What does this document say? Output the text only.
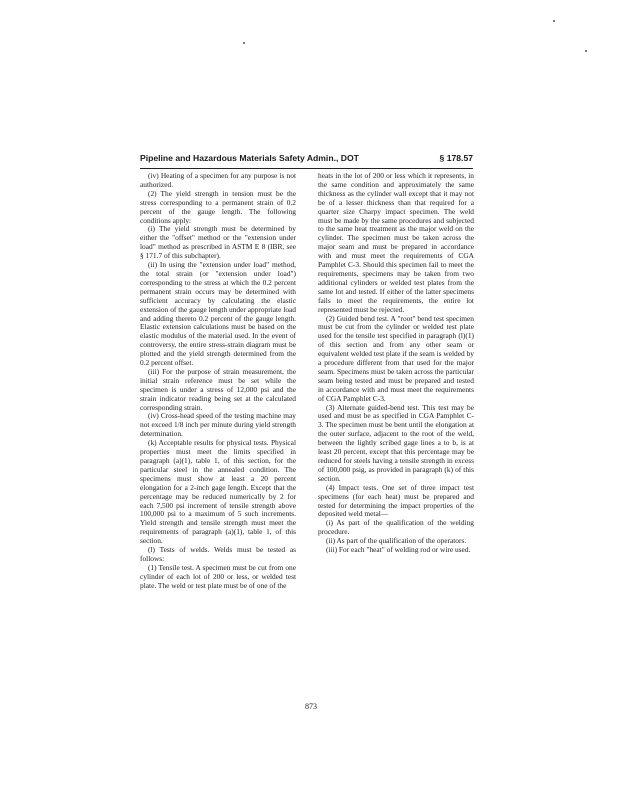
Pipeline and Hazardous Materials Safety Admin., DOT	§ 178.57

(iv) Heating of a specimen for any purpose is not authorized.

(2) The yield strength in tension must be the stress corresponding to a permanent strain of 0.2 percent of the gauge length. The following conditions apply:

(i) The yield strength must be determined by either the "offset" method or the "extension under load" method as prescribed in ASTM E 8 (IBR, see § 171.7 of this subchapter).

(ii) In using the "extension under load" method, the total strain (or "extension under load") corresponding to the stress at which the 0.2 percent permanent strain occurs may be determined with sufficient accuracy by calculating the elastic extension of the gauge length under appropriate load and adding thereto 0.2 percent of the gauge length. Elastic extension calculations must be based on the elastic modulus of the material used. In the event of controversy, the entire stress-strain diagram must be plotted and the yield strength determined from the 0.2 percent offset.

(iii) For the purpose of strain measurement, the initial strain reference must be set while the specimen is under a stress of 12,000 psi and the strain indicator reading being set at the calculated corresponding strain.

(iv) Cross-head speed of the testing machine may not exceed 1/8 inch per minute during yield strength determination.

(k) Acceptable results for physical tests. Physical properties must meet the limits specified in paragraph (a)(1), table 1, of this section, for the particular steel in the annealed condition. The specimens must show at least a 20 percent elongation for a 2-inch gage length. Except that the percentage may be reduced numerically by 2 for each 7,500 psi increment of tensile strength above 100,000 psi to a maximum of 5 such increments. Yield strength and tensile strength must meet the requirements of paragraph (a)(1), table 1, of this section.

(l) Tests of welds. Welds must be tested as follows:

(1) Tensile test. A specimen must be cut from one cylinder of each lot of 200 or less, or welded test plate. The weld or test plate must be of one of the

heats in the lot of 200 or less which it represents, in the same condition and approximately the same thickness as the cylinder wall except that it may not be of a lesser thickness than that required for a quarter size Charpy impact specimen. The weld must be made by the same procedures and subjected to the same heat treatment as the major weld on the cylinder. The specimen must be taken across the major seam and must be prepared in accordance with and must meet the requirements of CGA Pamphlet C-3. Should this specimen fail to meet the requirements, specimens may be taken from two additional cylinders or welded test plates from the same lot and tested. If either of the latter specimens fails to meet the requirements, the entire lot represented must be rejected.

(2) Guided bend test. A "root" bend test specimen must be cut from the cylinder or welded test plate used for the tensile test specified in paragraph (l)(1) of this section and from any other seam or equivalent welded test plate if the seam is welded by a procedure different from that used for the major seam. Specimens must be taken across the particular seam being tested and must be prepared and tested in accordance with and must meet the requirements of CGA Pamphlet C-3.

(3) Alternate guided-bend test. This test may be used and must be as specified in CGA Pamphlet C-3. The specimen must be bent until the elongation at the outer surface, adjacent to the root of the weld, between the lightly scribed gage lines a to b, is at least 20 percent, except that this percentage may be reduced for steels having a tensile strength in excess of 100,000 psig, as provided in paragraph (k) of this section.

(4) Impact tests. One set of three impact test specimens (for each heat) must be prepared and tested for determining the impact properties of the deposited weld metal—

(i) As part of the qualification of the welding procedure.

(ii) As part of the qualification of the operators.

(iii) For each "heat" of welding rod or wire used.

873
